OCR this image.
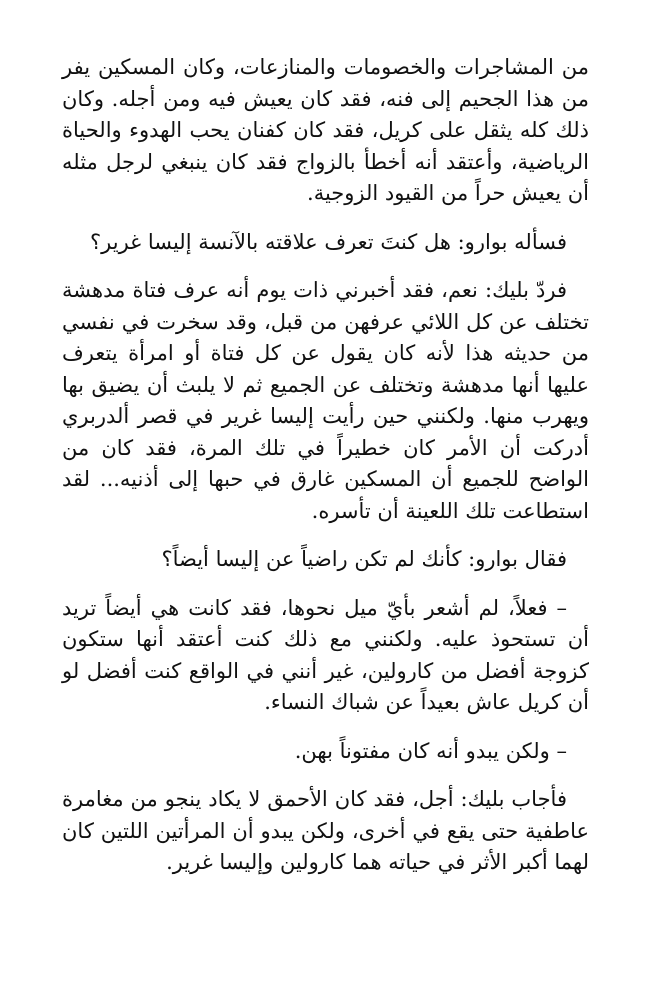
من المشاجرات والخصومات والمنازعات، وكان المسكين يفر من هذا الجحيم إلى فنه، فقد كان يعيش فيه ومن أجله. وكان ذلك كله يثقل على كريل، فقد كان كفنان يحب الهدوء والحياة الرياضية، وأعتقد أنه أخطأ بالزواج فقد كان ينبغي لرجل مثله أن يعيش حراً من القيود الزوجية.

فسأله بوارو: هل كنتَ تعرف علاقته بالآنسة إليسا غرير؟

فردّ بليك: نعم، فقد أخبرني ذات يوم أنه عرف فتاة مدهشة تختلف عن كل اللائي عرفهن من قبل، وقد سخرت في نفسي من حديثه هذا لأنه كان يقول عن كل فتاة أو امرأة يتعرف عليها أنها مدهشة وتختلف عن الجميع ثم لا يلبث أن يضيق بها ويهرب منها. ولكنني حين رأيت إليسا غرير في قصر ألدربري أدركت أن الأمر كان خطيراً في تلك المرة، فقد كان من الواضح للجميع أن المسكين غارق في حبها إلى أذنيه... لقد استطاعت تلك اللعينة أن تأسره.

فقال بوارو: كأنك لم تكن راضياً عن إليسا أيضاً؟

– فعلاً، لم أشعر بأيّ ميل نحوها، فقد كانت هي أيضاً تريد أن تستحوذ عليه. ولكنني مع ذلك كنت أعتقد أنها ستكون كزوجة أفضل من كارولين، غير أنني في الواقع كنت أفضل لو أن كريل عاش بعيداً عن شباك النساء.

– ولكن يبدو أنه كان مفتوناً بهن.

فأجاب بليك: أجل، فقد كان الأحمق لا يكاد ينجو من مغامرة عاطفية حتى يقع في أخرى، ولكن يبدو أن المرأتين اللتين كان لهما أكبر الأثر في حياته هما كارولين وإليسا غرير.
